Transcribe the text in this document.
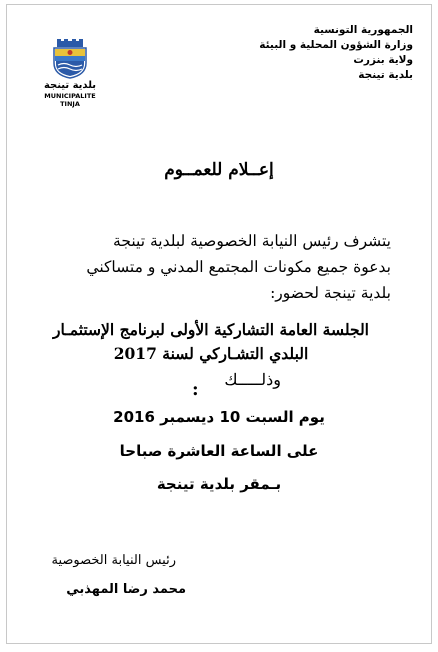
الجمهورية التونسية
وزارة الشؤون المحلية و البيئة
ولاية بنزرت
بلدية تينجة
بلدية تينجة
MUNICIPALITE TINJA
إعــلام للعمــوم
يتشرف رئيس النيابة الخصوصية لبلدية تينجة
بدعوة جميع مكونات المجتمع المدني و متساكني
بلدية تينجة لحضور:
الجلسة العامة التشاركية الأولى لبرنامج الإستثمـار
البلدي التشـاركي لسنة 2017
وذلـــــك
:
يوم السبت 10 ديسمبر 2016
على الساعة العاشرة صباحا
بـمقر بلدية تينجة
رئيس النيابة الخصوصية
محمد رضا المهذبي
